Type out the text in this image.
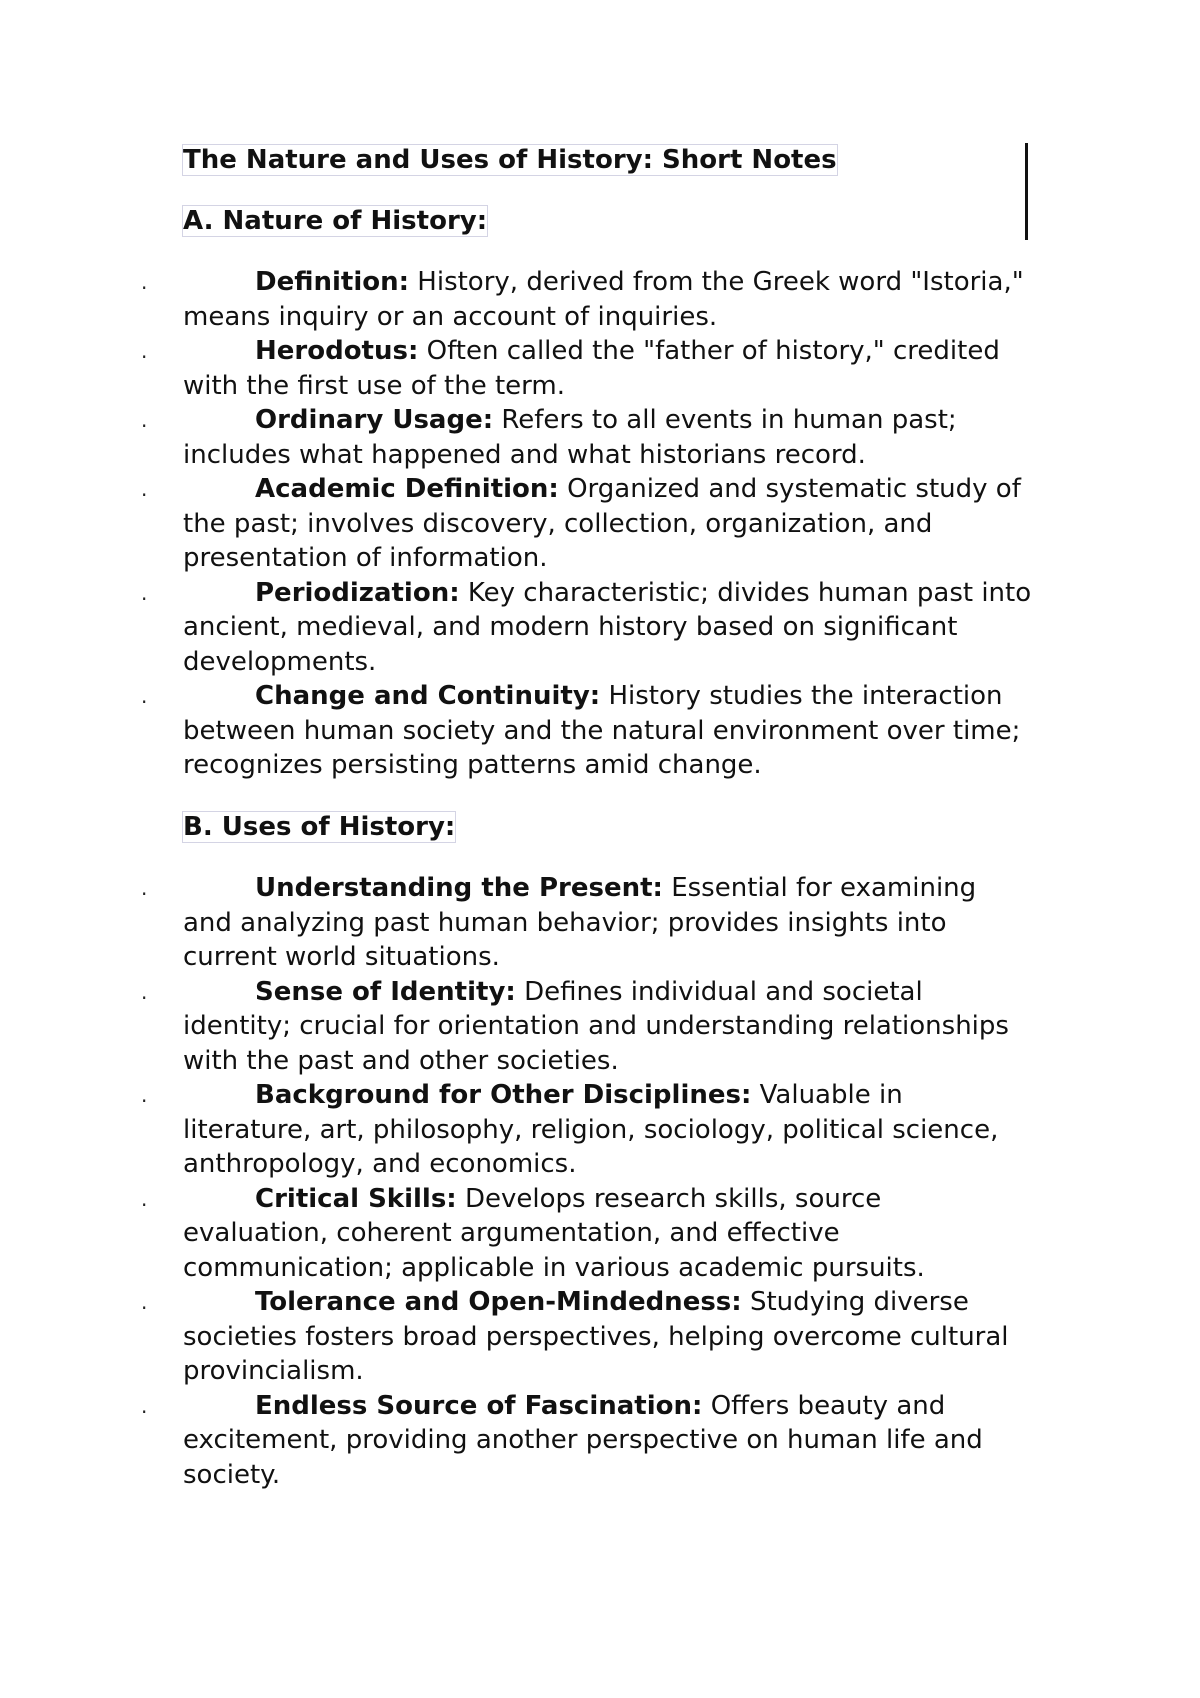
The Nature and Uses of History: Short Notes

A. Nature of History:

.	Definition: History, derived from the Greek word "Istoria," means inquiry or an account of inquiries.
.	Herodotus: Often called the "father of history," credited with the first use of the term.
.	Ordinary Usage: Refers to all events in human past; includes what happened and what historians record.
.	Academic Definition: Organized and systematic study of the past; involves discovery, collection, organization, and presentation of information.
.	Periodization: Key characteristic; divides human past into ancient, medieval, and modern history based on significant developments.
.	Change and Continuity: History studies the interaction between human society and the natural environment over time; recognizes persisting patterns amid change.

B. Uses of History:

.	Understanding the Present: Essential for examining and analyzing past human behavior; provides insights into current world situations.
.	Sense of Identity: Defines individual and societal identity; crucial for orientation and understanding relationships with the past and other societies.
.	Background for Other Disciplines: Valuable in literature, art, philosophy, religion, sociology, political science, anthropology, and economics.
.	Critical Skills: Develops research skills, source evaluation, coherent argumentation, and effective communication; applicable in various academic pursuits.
.	Tolerance and Open-Mindedness: Studying diverse societies fosters broad perspectives, helping overcome cultural provincialism.
.	Endless Source of Fascination: Offers beauty and excitement, providing another perspective on human life and society.
